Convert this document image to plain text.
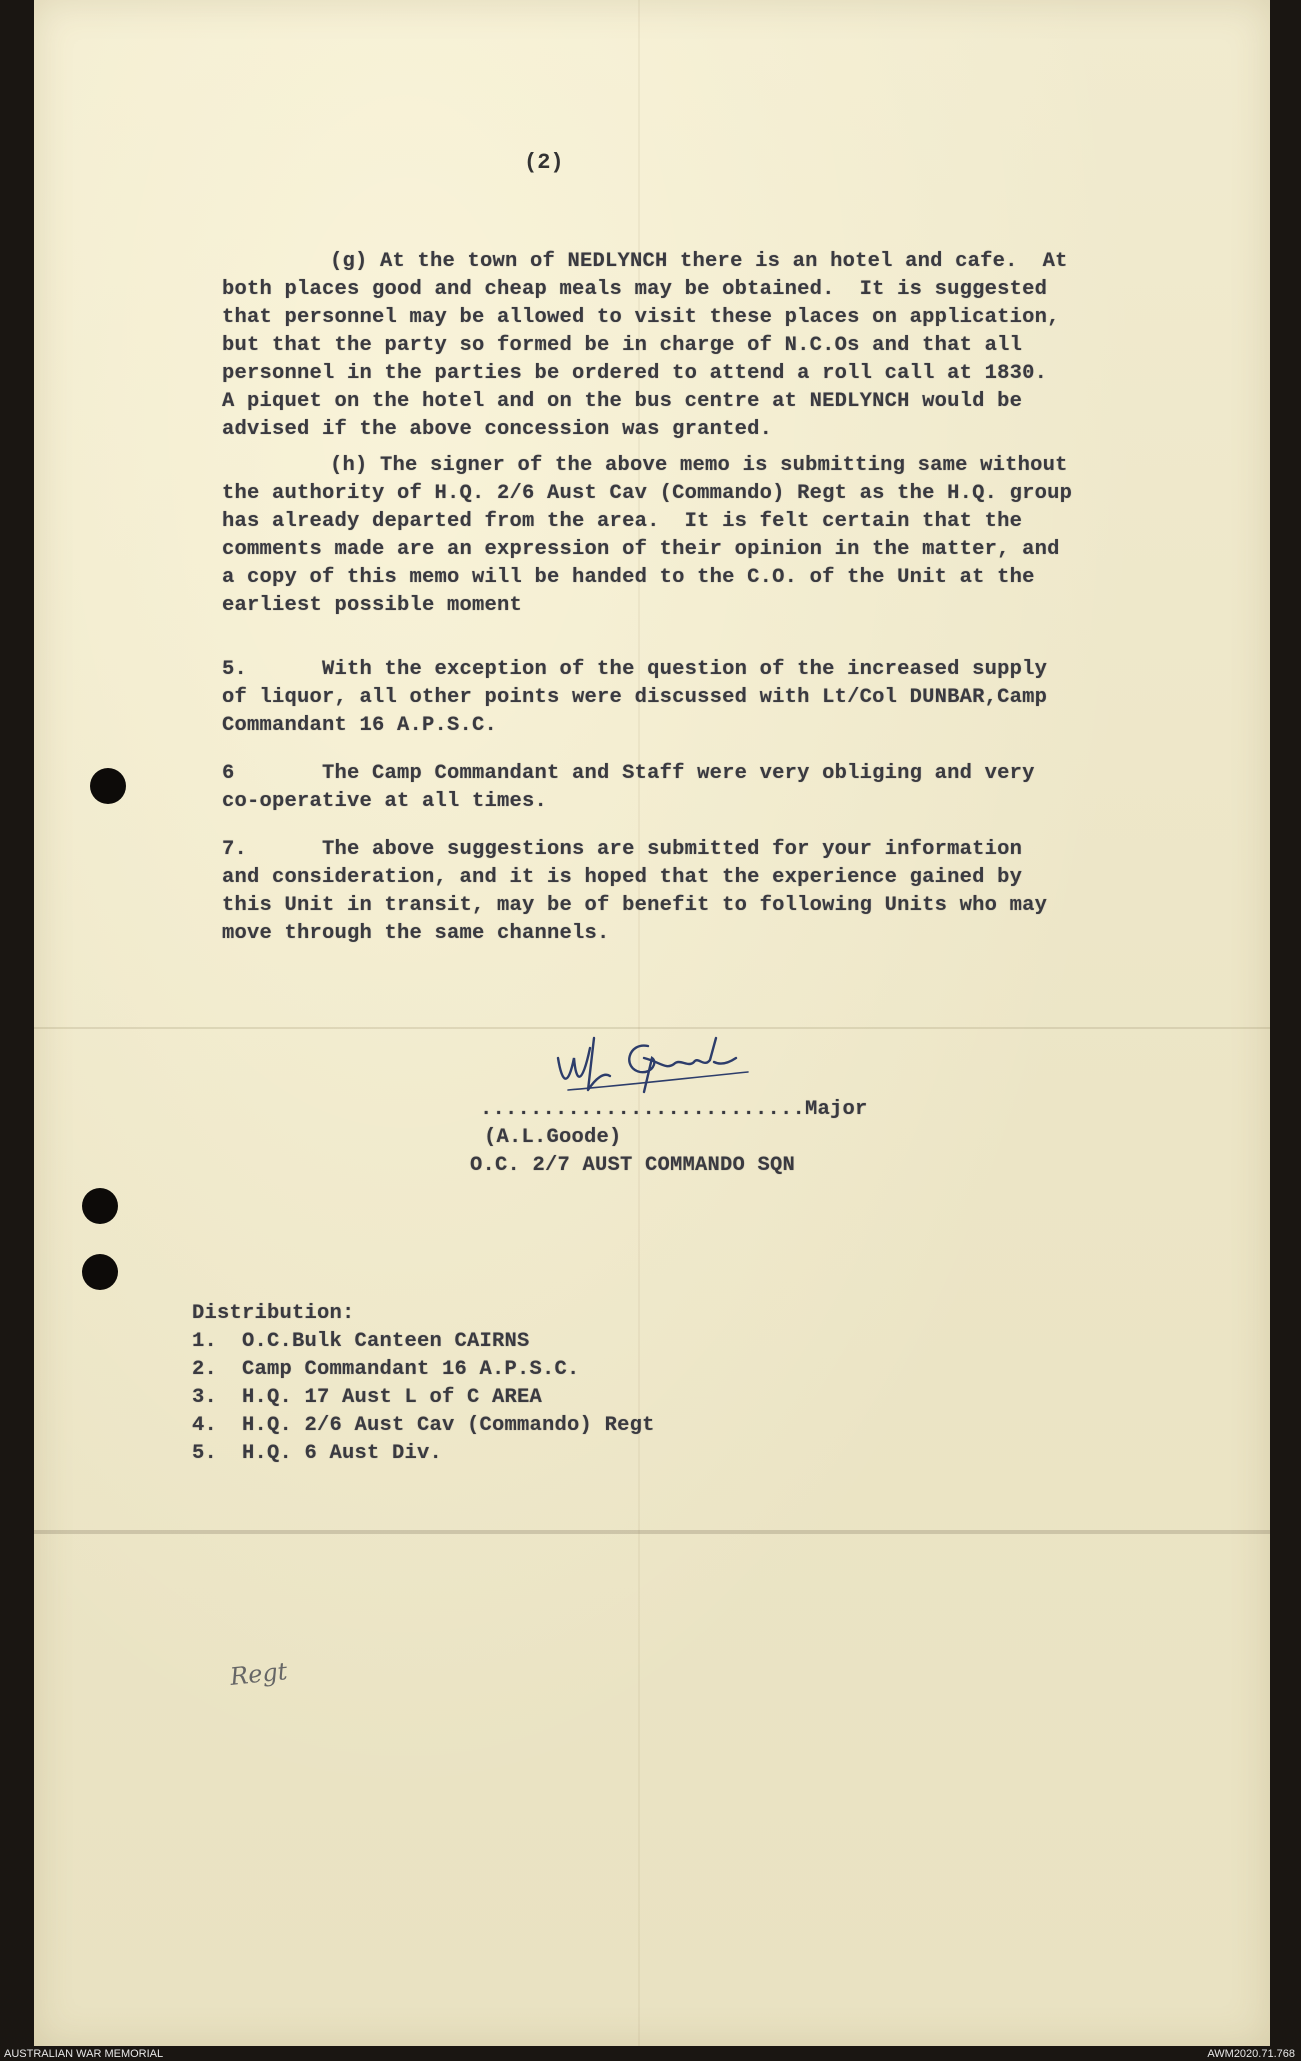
(2)
(g) At the town of NEDLYNCH there is an hotel and cafe.  At
both places good and cheap meals may be obtained.  It is suggested
that personnel may be allowed to visit these places on application,
but that the party so formed be in charge of N.C.Os and that all
personnel in the parties be ordered to attend a roll call at 1830.
A piquet on the hotel and on the bus centre at NEDLYNCH would be
advised if the above concession was granted.
(h) The signer of the above memo is submitting same without
the authority of H.Q. 2/6 Aust Cav (Commando) Regt as the H.Q. group
has already departed from the area.  It is felt certain that the
comments made are an expression of their opinion in the matter, and
a copy of this memo will be handed to the C.O. of the Unit at the
earliest possible moment
5.      With the exception of the question of the increased supply
of liquor, all other points were discussed with Lt/Col DUNBAR,Camp
Commandant 16 A.P.S.C.
6       The Camp Commandant and Staff were very obliging and very
co-operative at all times.
7.      The above suggestions are submitted for your information
and consideration, and it is hoped that the experience gained by
this Unit in transit, may be of benefit to following Units who may
move through the same channels.
..........................Major
(A.L.Goode)
O.C. 2/7 AUST COMMANDO SQN
Distribution:
1.  O.C.Bulk Canteen CAIRNS
2.  Camp Commandant 16 A.P.S.C.
3.  H.Q. 17 Aust L of C AREA
4.  H.Q. 2/6 Aust Cav (Commando) Regt
5.  H.Q. 6 Aust Div.
Regt
AUSTRALIAN WAR MEMORIAL	AWM2020.71.768
